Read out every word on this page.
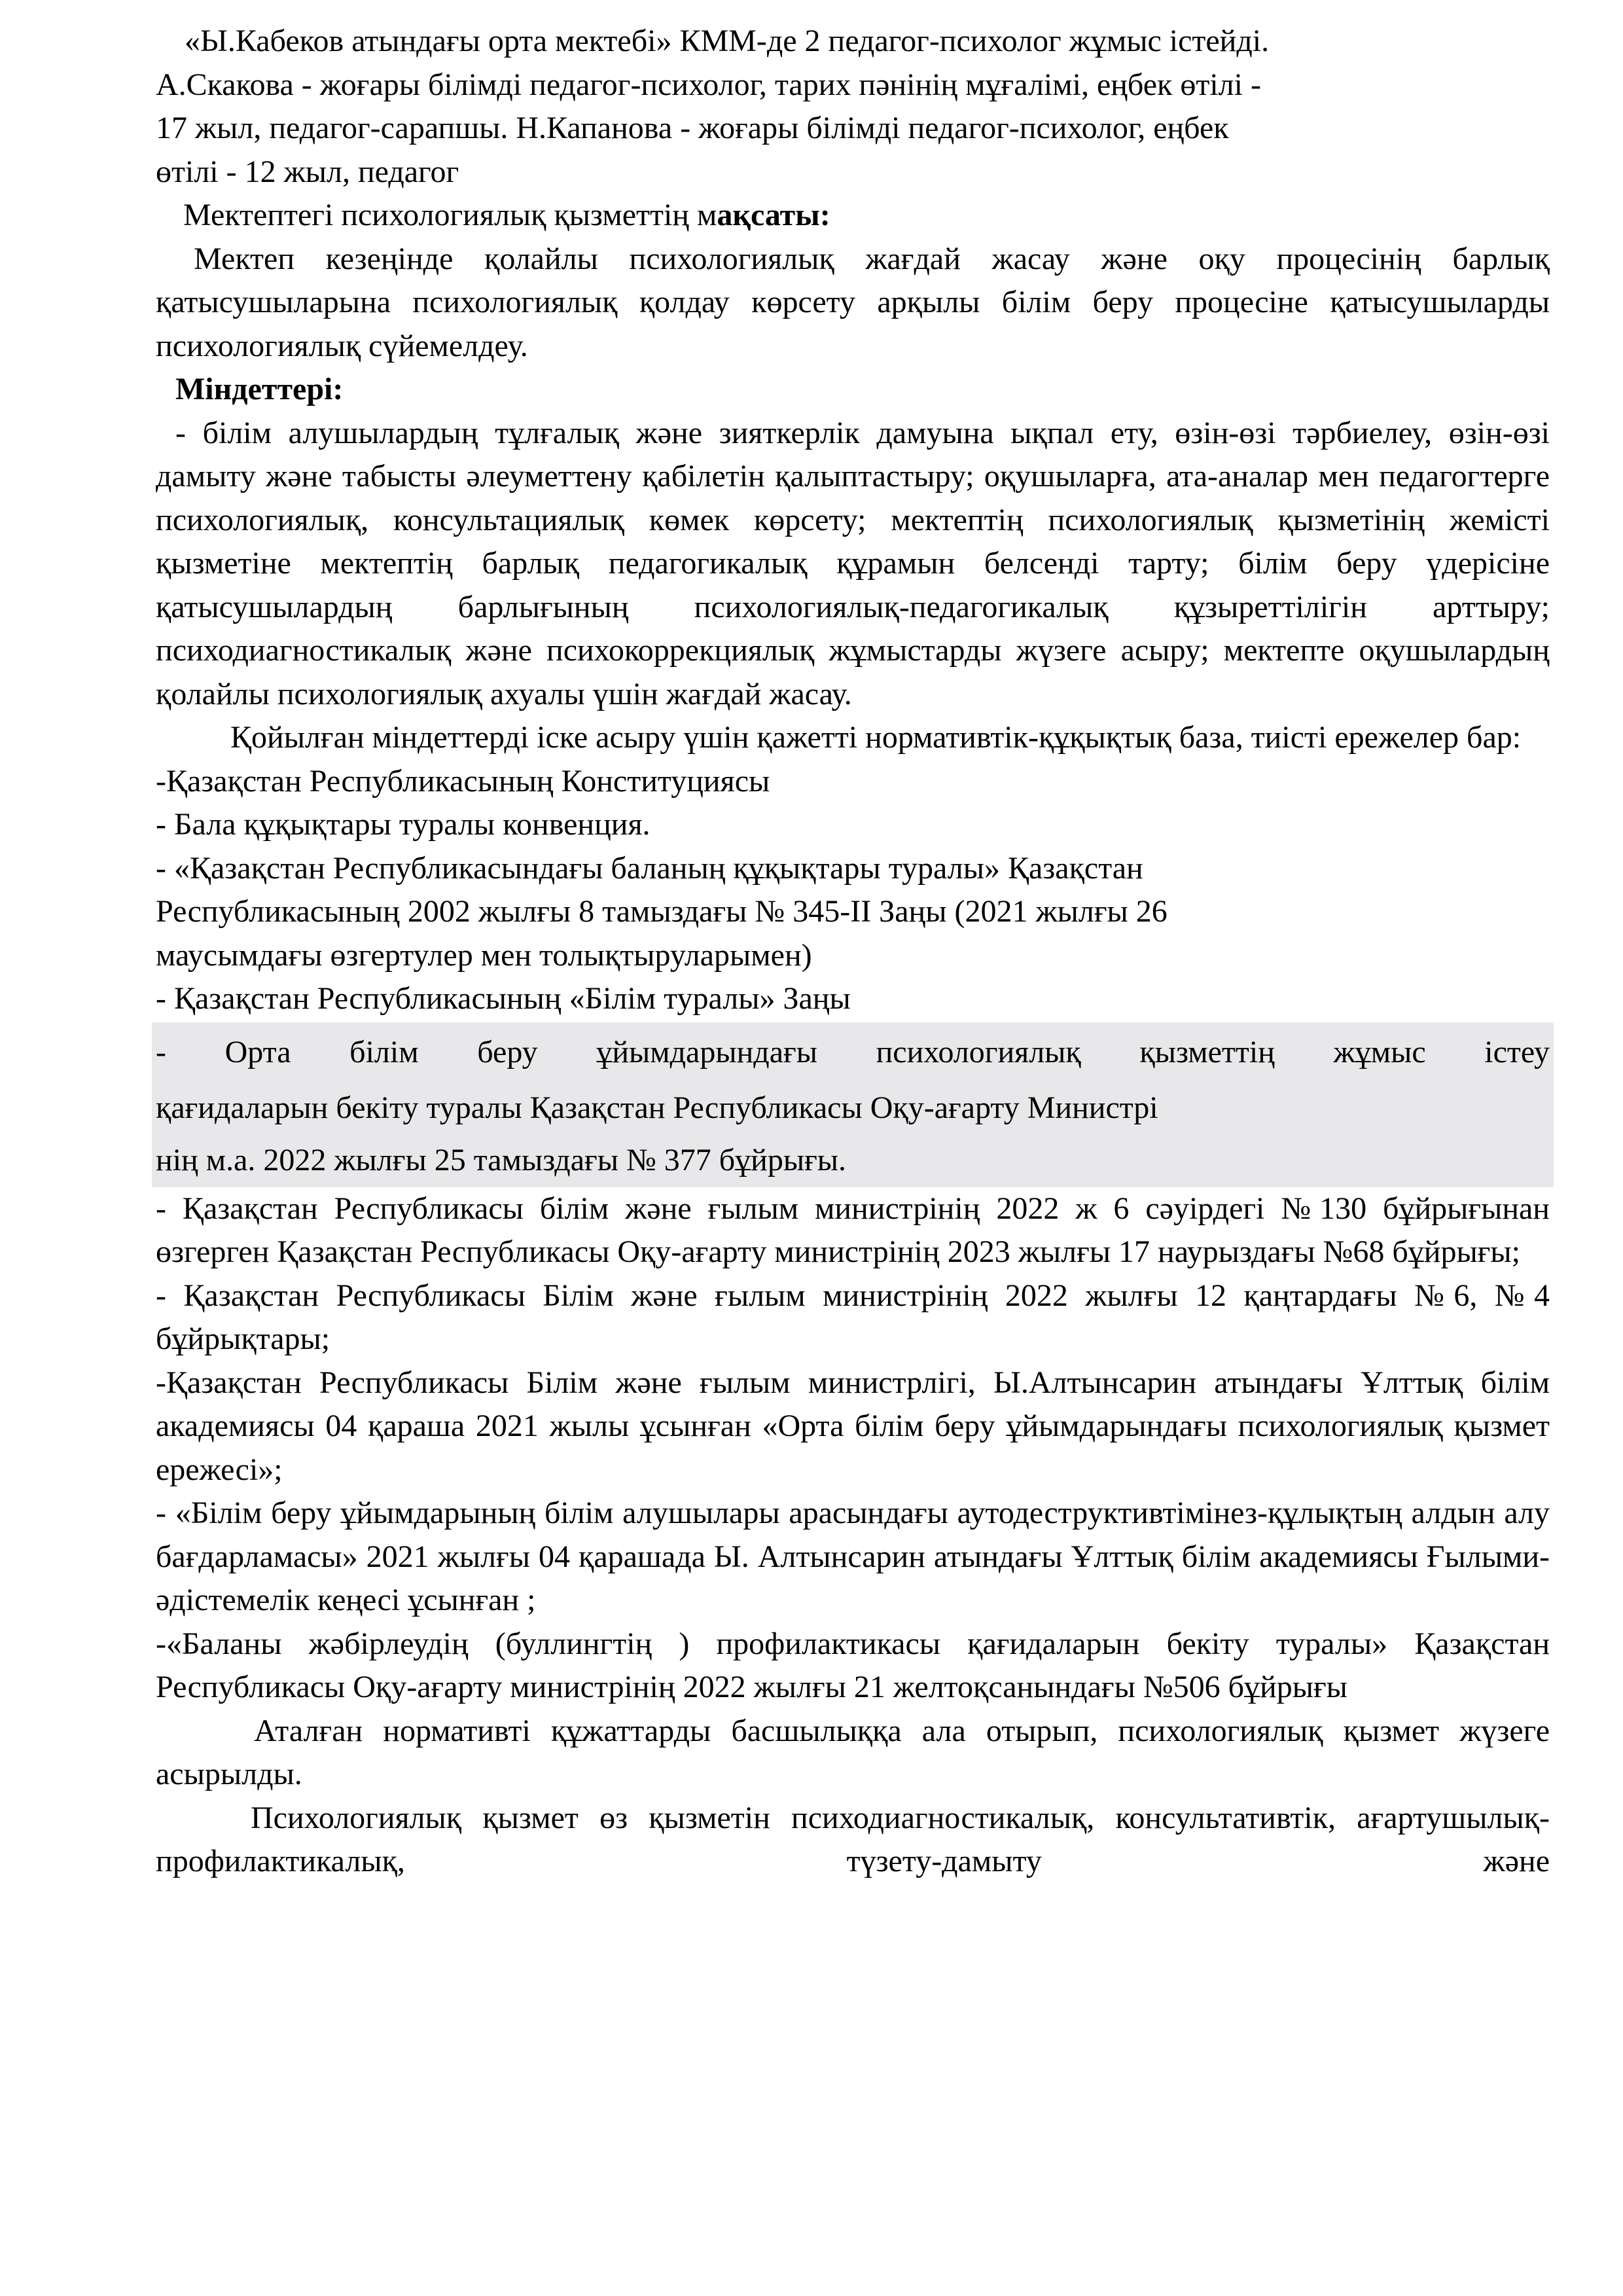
«Ы.Кабеков атындағы орта мектебі» КММ-де 2 педагог-психолог жұмыс істейді.
А.Скакова - жоғары білімді педагог-психолог, тарих пәнінің мұғалімі, еңбек өтілі -
17 жыл, педагог-сарапшы. Н.Капанова - жоғары білімді педагог-психолог, еңбек
өтілі - 12 жыл, педагог
Мектептегі психологиялық қызметтің мақсаты:

Мектеп кезеңінде қолайлы психологиялық жағдай жасау және оқу процесінің барлық қатысушыларына психологиялық қолдау көрсету арқылы білім беру процесіне қатысушыларды психологиялық сүйемелдеу.

Міндеттері:

- білім алушылардың тұлғалық және зияткерлік дамуына ықпал ету, өзін-өзі тәрбиелеу, өзін-өзі дамыту және табысты әлеуметтену қабілетін қалыптастыру; оқушыларға, ата-аналар мен педагогтерге психологиялық, консультациялық көмек көрсету; мектептің психологиялық қызметінің жемісті қызметіне мектептің барлық педагогикалық құрамын белсенді тарту; білім беру үдерісіне қатысушылардың барлығының психологиялық-педагогикалық құзыреттілігін арттыру; психодиагностикалық және психокоррекциялық жұмыстарды жүзеге асыру; мектепте оқушылардың қолайлы психологиялық ахуалы үшін жағдай жасау.

Қойылған міндеттерді іске асыру үшін қажетті нормативтік-құқықтық база, тиісті ережелер бар:

-Қазақстан Республикасының Конституциясы
- Бала құқықтары туралы конвенция.
- «Қазақстан Республикасындағы баланың құқықтары туралы» Қазақстан
Республикасының 2002 жылғы 8 тамыздағы № 345-ІІ Заңы (2021 жылғы 26
маусымдағы өзгертулер мен толықтыруларымен)
- Қазақстан Республикасының «Білім туралы» Заңы
- Орта білім беру ұйымдарындағы психологиялық қызметтің жұмыс істеу
қағидаларын бекіту туралы Қазақстан Республикасы Оқу-ағарту Министрі
нің м.а. 2022 жылғы 25 тамыздағы № 377 бұйрығы.

- Қазақстан Республикасы білім және ғылым министрінің 2022 ж 6 сәуірдегі №130 бұйрығынан өзгерген Қазақстан Республикасы Оқу-ағарту министрінің 2023 жылғы 17 наурыздағы №68 бұйрығы;

- Қазақстан Республикасы Білім және ғылым министрінің 2022 жылғы 12 қаңтардағы №6, №4 бұйрықтары;

-Қазақстан Республикасы Білім және ғылым министрлігі, Ы.Алтынсарин атындағы Ұлттық білім академиясы 04 қараша 2021 жылы ұсынған «Орта білім беру ұйымдарындағы психологиялық қызмет ережесі»;

- «Білім беру ұйымдарының білім алушылары арасындағы аутодеструктивтімінез-құлықтың алдын алу бағдарламасы» 2021 жылғы 04 қарашада Ы. Алтынсарин атындағы Ұлттық білім академиясы Ғылыми-әдістемелік кеңесі ұсынған ;

-«Баланы жәбірлеудің (буллингтің ) профилактикасы қағидаларын бекіту туралы» Қазақстан Республикасы Оқу-ағарту министрінің 2022 жылғы 21 желтоқсанындағы №506 бұйрығы

Аталған нормативті құжаттарды басшылыққа ала отырып, психологиялық қызмет жүзеге асырылды.

Психологиялық қызмет өз қызметін психодиагностикалық, консультативтік, ағартушылық-профилактикалық, түзету-дамыту және
